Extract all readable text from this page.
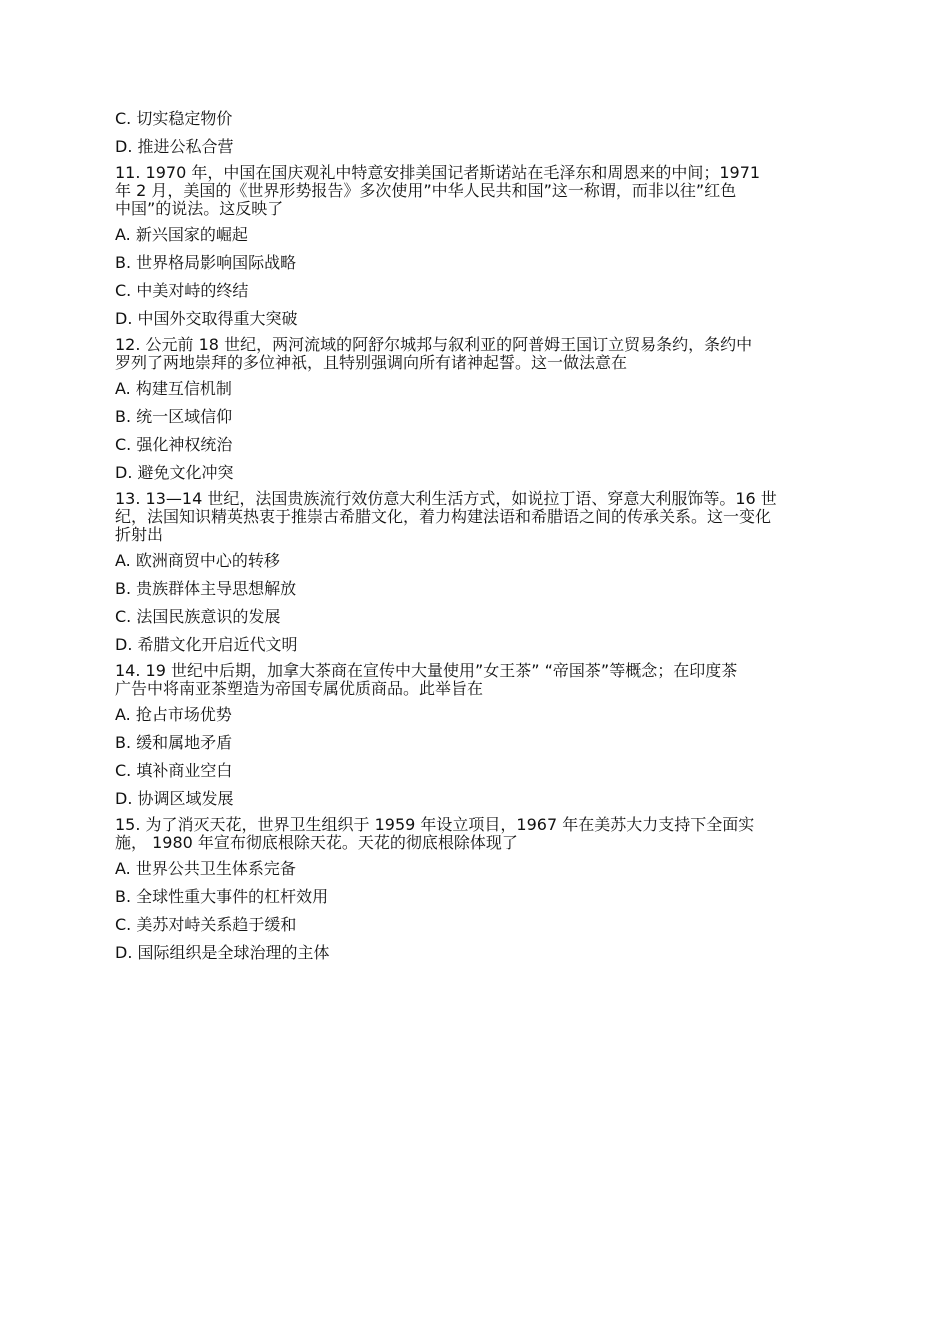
C. 切实稳定物价
D. 推进公私合营
11. 1970 年，中国在国庆观礼中特意安排美国记者斯诺站在毛泽东和周恩来的中间；1971
年 2 月，美国的《世界形势报告》多次使用”中华人民共和国”这一称谓，而非以往”红色
中国”的说法。这反映了
A. 新兴国家的崛起
B. 世界格局影响国际战略
C. 中美对峙的终结
D. 中国外交取得重大突破
12. 公元前 18 世纪，两河流域的阿舒尔城邦与叙利亚的阿普姆王国订立贸易条约，条约中
罗列了两地崇拜的多位神祇，且特别强调向所有诸神起誓。这一做法意在
A. 构建互信机制
B. 统一区域信仰
C. 强化神权统治
D. 避免文化冲突
13. 13—14 世纪，法国贵族流行效仿意大利生活方式，如说拉丁语、穿意大利服饰等。16 世
纪，法国知识精英热衷于推崇古希腊文化，着力构建法语和希腊语之间的传承关系。这一变化
折射出
A. 欧洲商贸中心的转移
B. 贵族群体主导思想解放
C. 法国民族意识的发展
D. 希腊文化开启近代文明
14. 19 世纪中后期，加拿大茶商在宣传中大量使用”女王茶” “帝国茶”等概念；在印度茶
广告中将南亚茶塑造为帝国专属优质商品。此举旨在
A. 抢占市场优势
B. 缓和属地矛盾
C. 填补商业空白
D. 协调区域发展
15. 为了消灭天花，世界卫生组织于 1959 年设立项目，1967 年在美苏大力支持下全面实
施， 1980 年宣布彻底根除天花。天花的彻底根除体现了
A. 世界公共卫生体系完备
B. 全球性重大事件的杠杆效用
C. 美苏对峙关系趋于缓和
D. 国际组织是全球治理的主体
